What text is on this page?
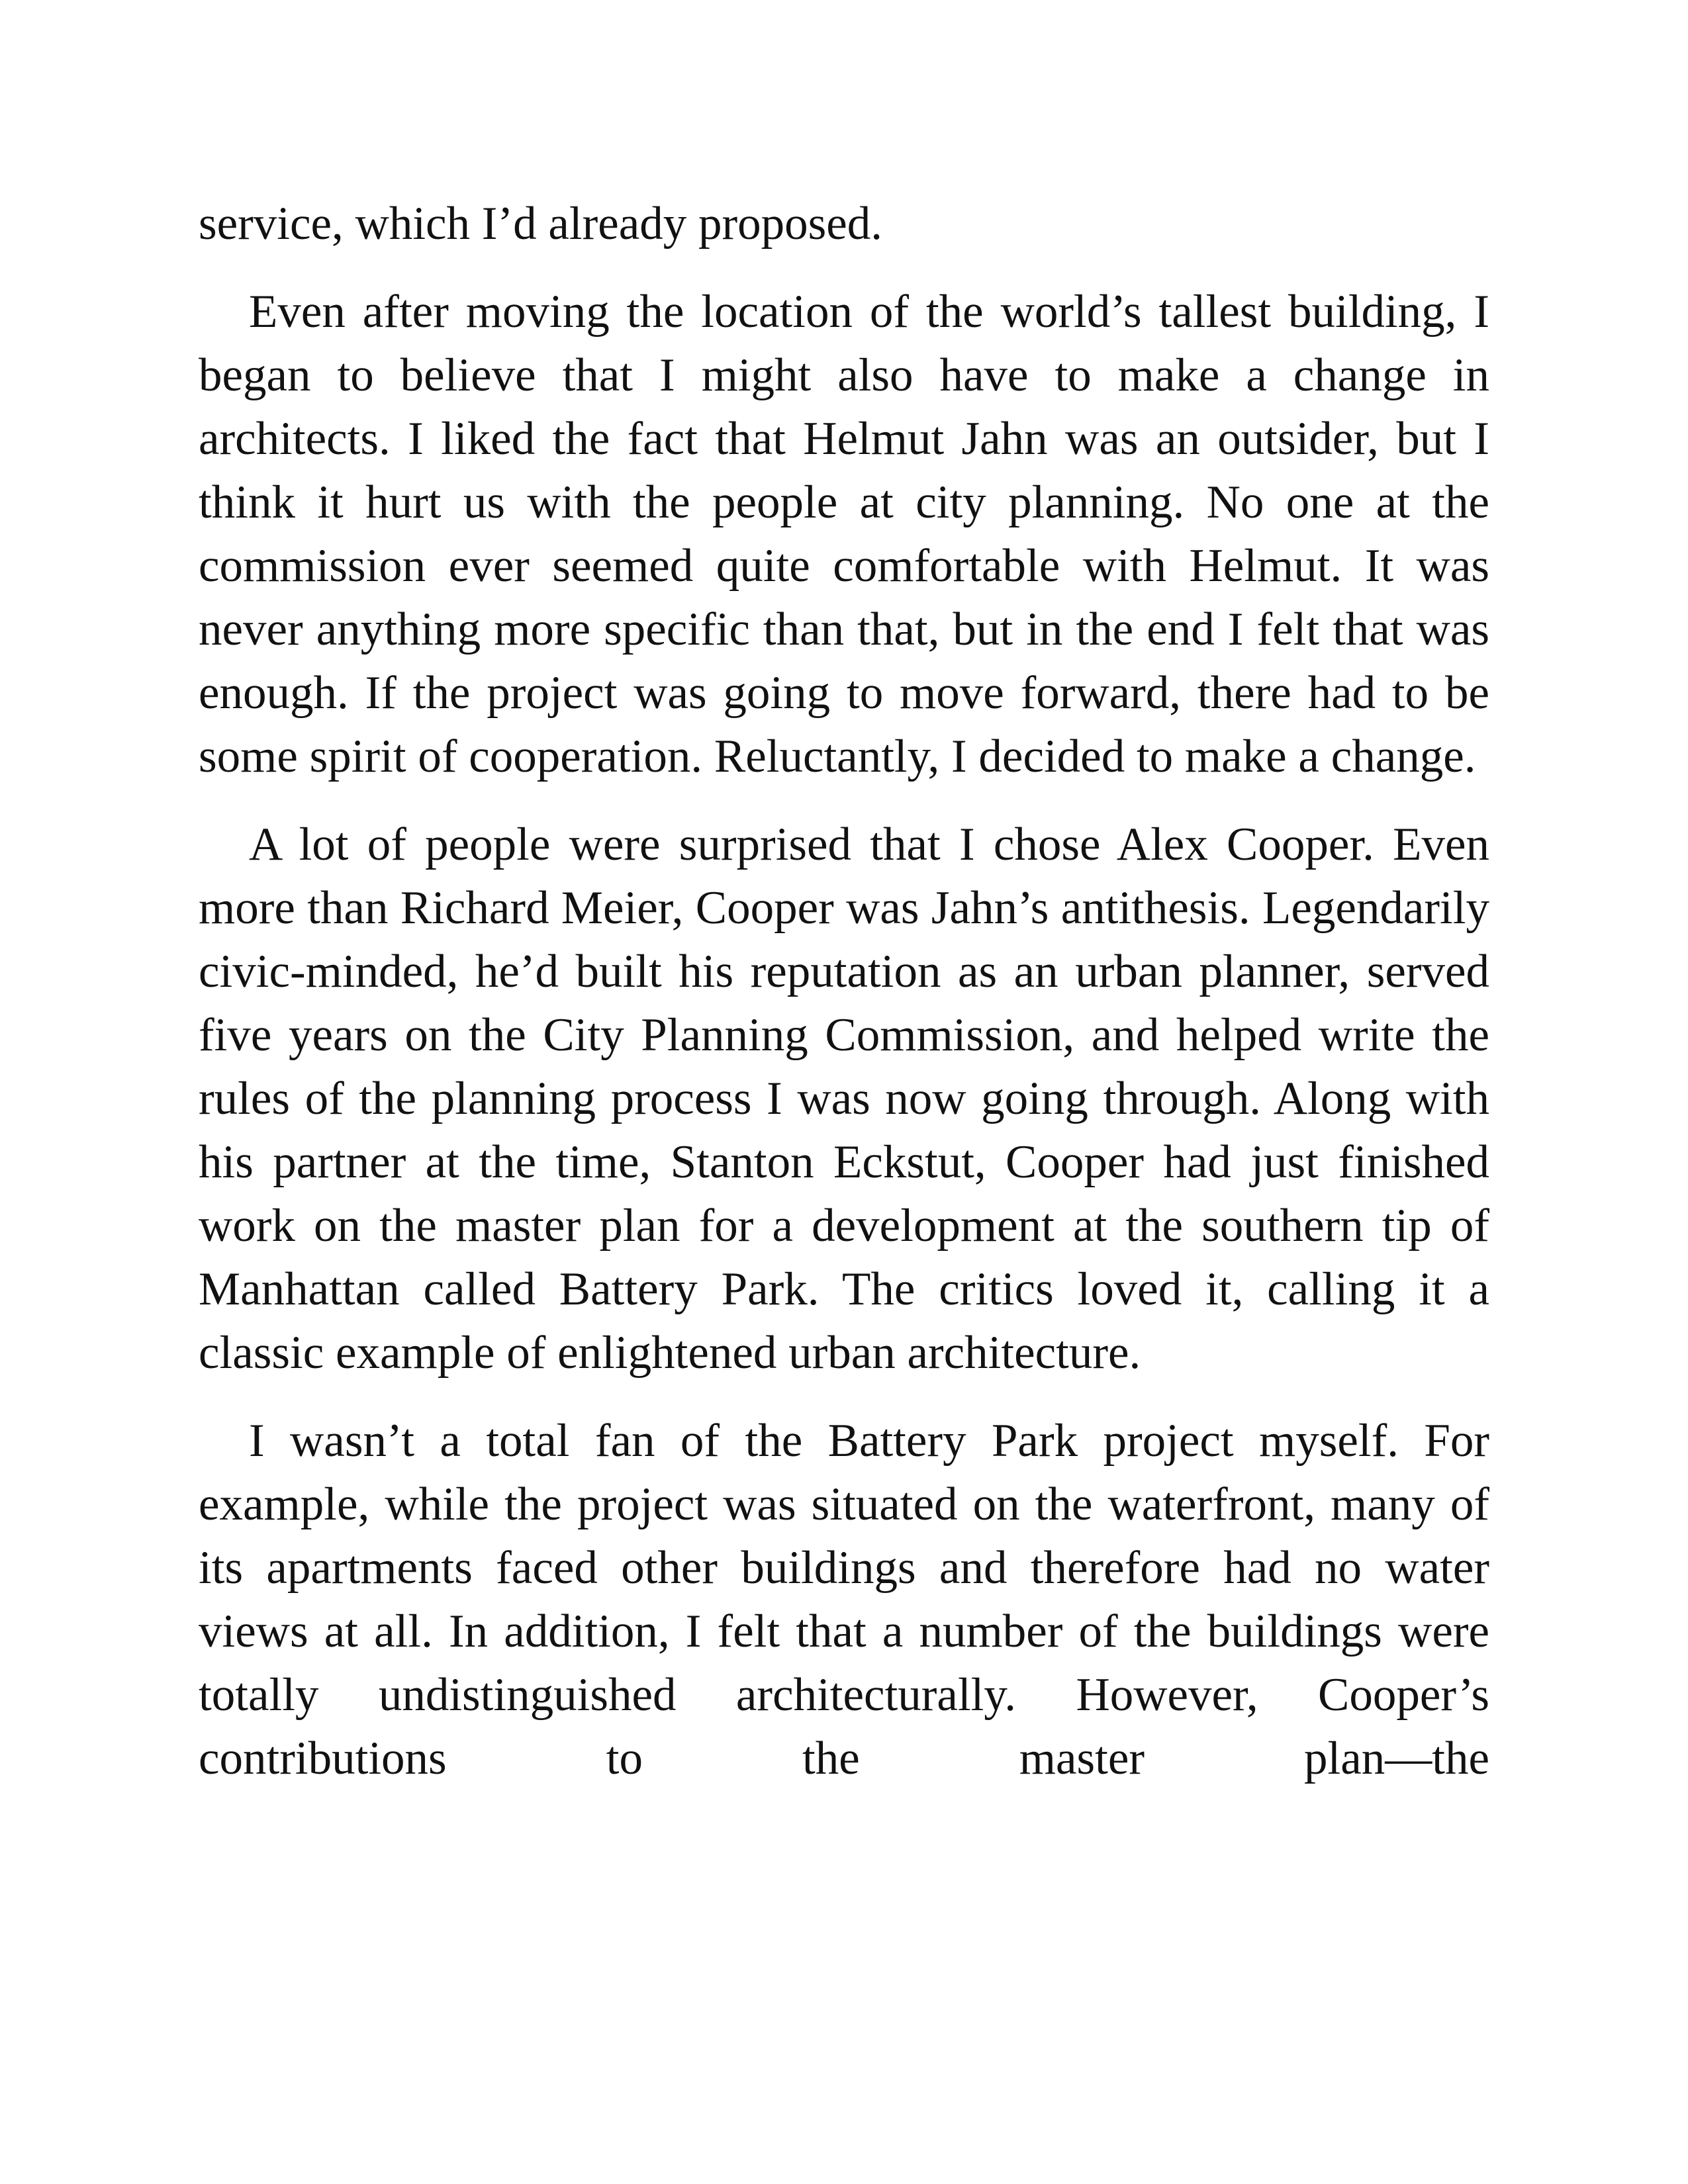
service, which I’d already proposed.

Even after moving the location of the world’s tallest building, I began to believe that I might also have to make a change in architects. I liked the fact that Helmut Jahn was an outsider, but I think it hurt us with the people at city planning. No one at the commission ever seemed quite comfortable with Helmut. It was never anything more specific than that, but in the end I felt that was enough. If the project was going to move forward, there had to be some spirit of cooperation. Reluctantly, I decided to make a change.

A lot of people were surprised that I chose Alex Cooper. Even more than Richard Meier, Cooper was Jahn’s antithesis. Legendarily civic-minded, he’d built his reputation as an urban planner, served five years on the City Planning Commission, and helped write the rules of the planning process I was now going through. Along with his partner at the time, Stanton Eckstut, Cooper had just finished work on the master plan for a development at the southern tip of Manhattan called Battery Park. The critics loved it, calling it a classic example of enlightened urban architecture.

I wasn’t a total fan of the Battery Park project myself. For example, while the project was situated on the waterfront, many of its apartments faced other buildings and therefore had no water views at all. In addition, I felt that a number of the buildings were totally undistinguished architecturally. However, Cooper’s contributions to the master plan—the
